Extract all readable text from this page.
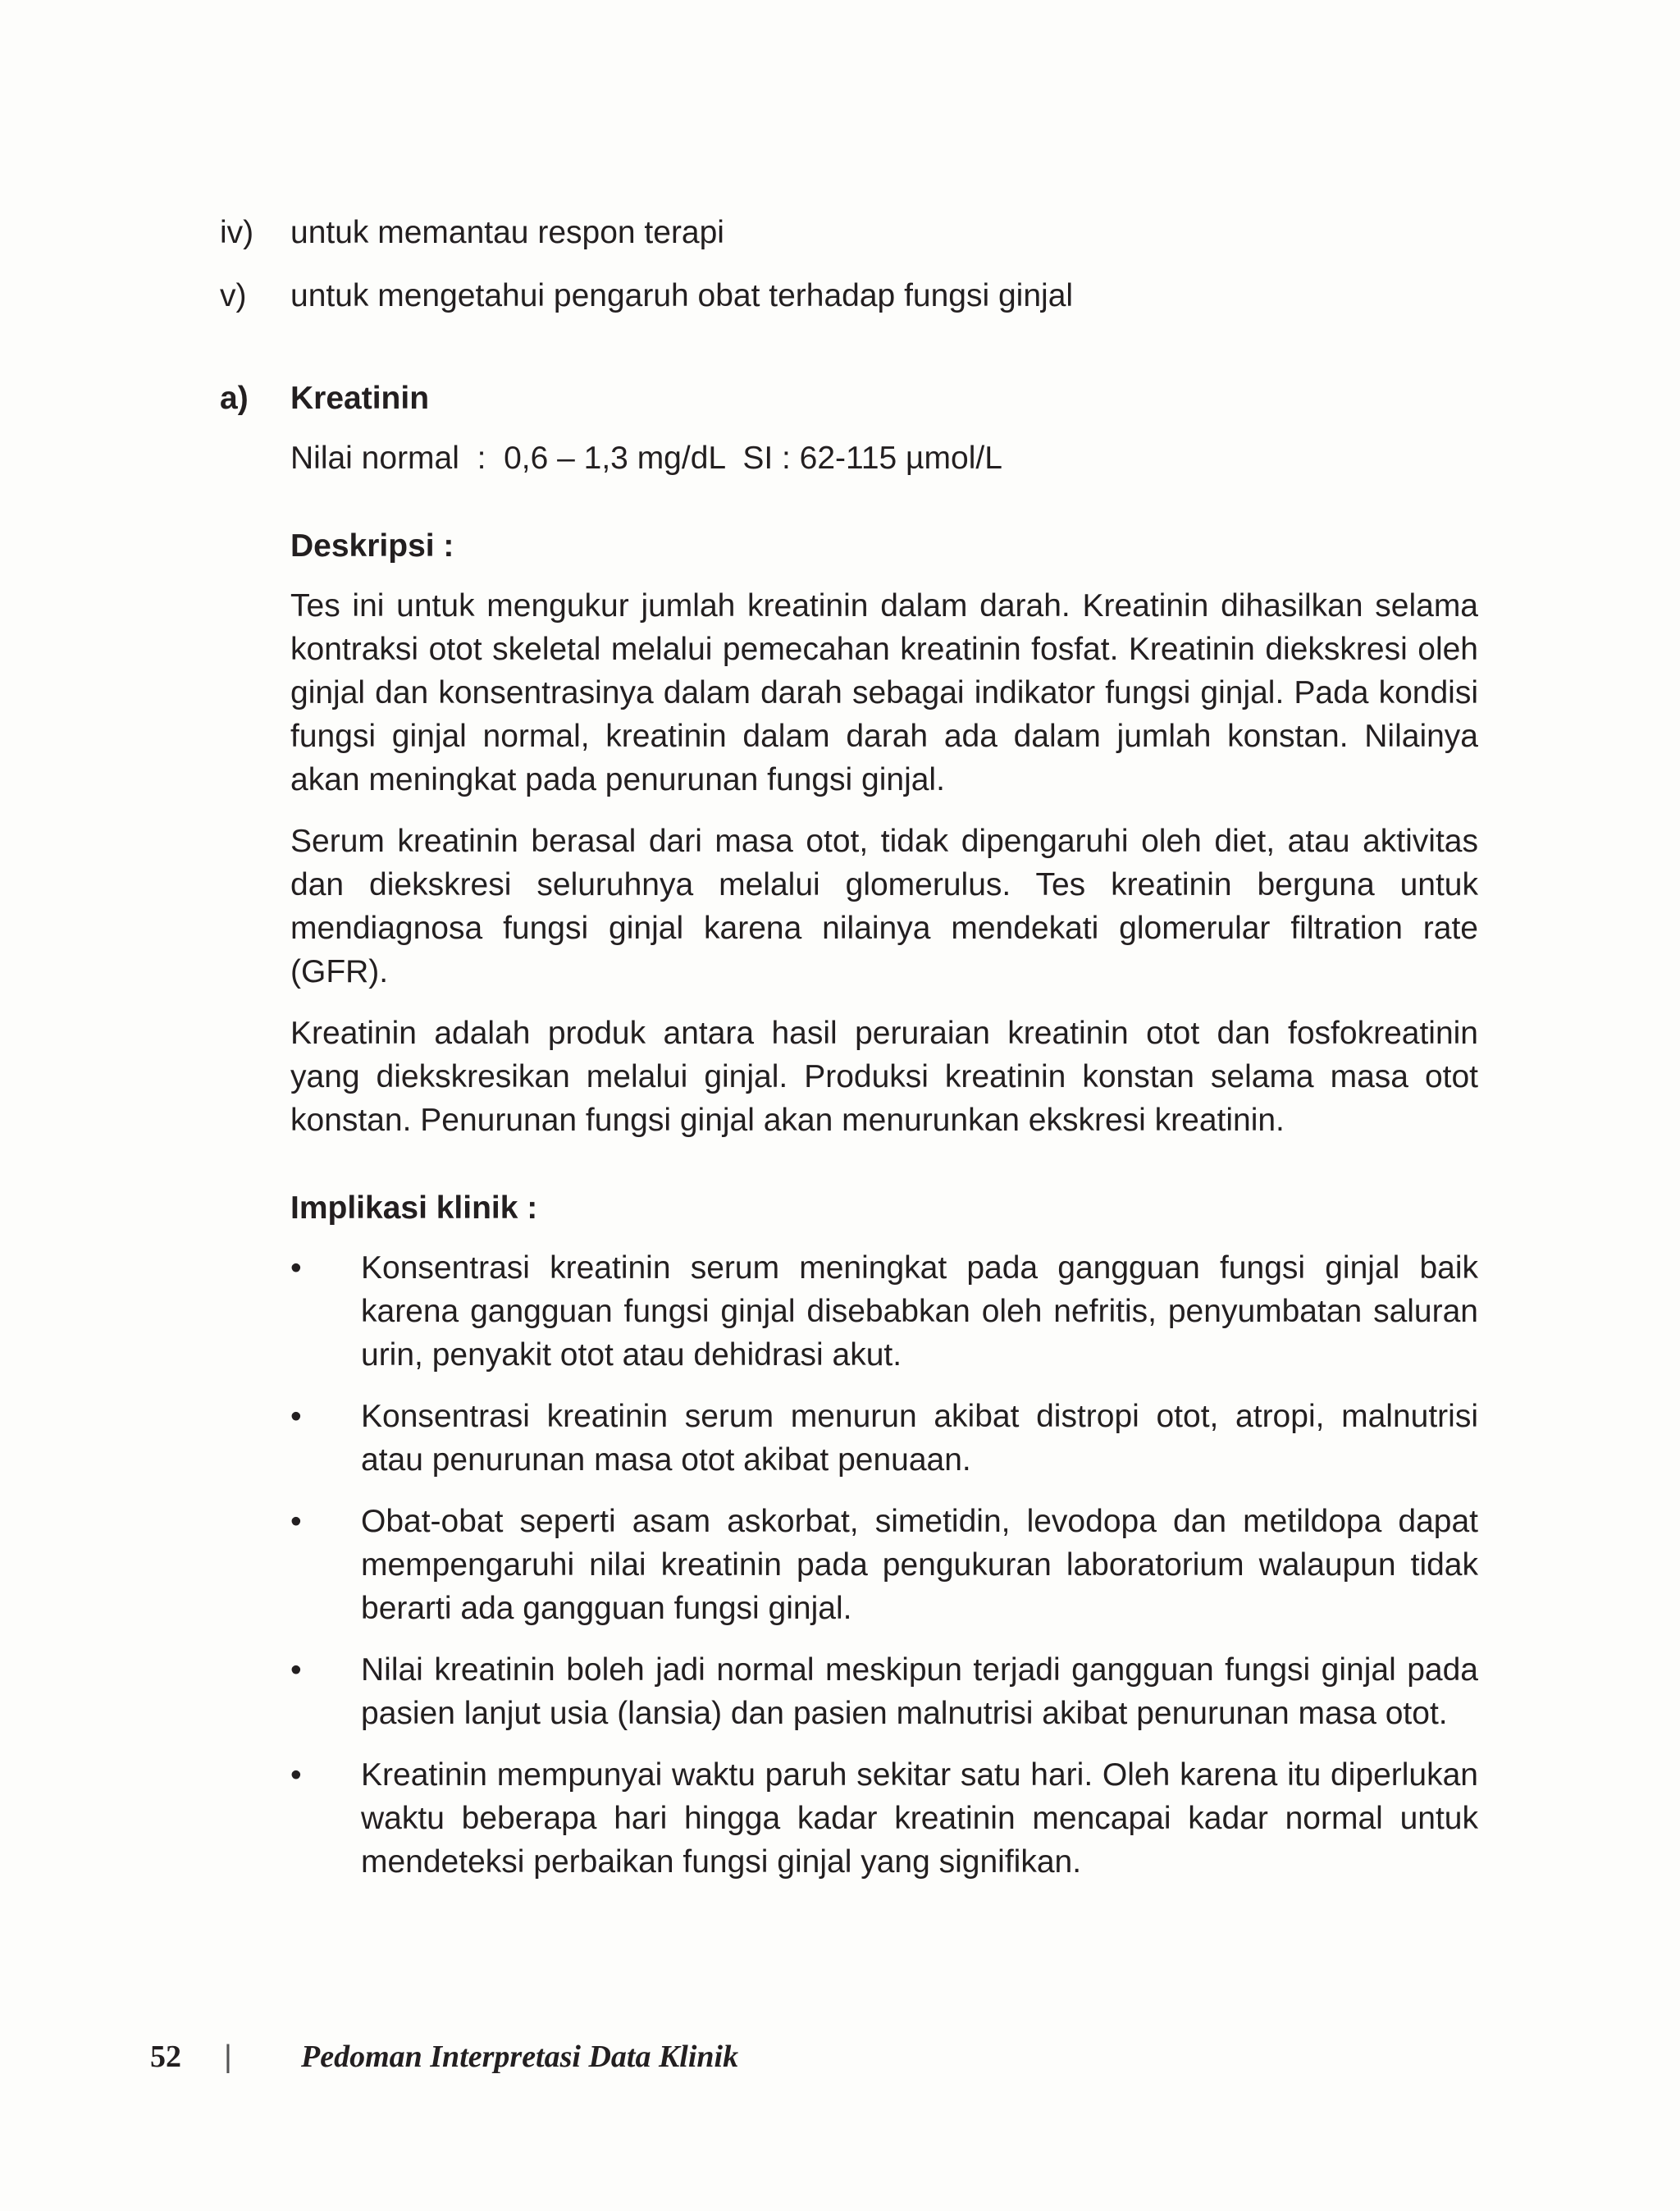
iv)	untuk memantau respon terapi
v)	untuk mengetahui pengaruh obat terhadap fungsi ginjal
a)	Kreatinin
Nilai normal  :  0,6 – 1,3 mg/dL  SI : 62-115 µmol/L
Deskripsi :

Tes ini untuk mengukur jumlah kreatinin dalam darah. Kreatinin dihasilkan selama kontraksi otot skeletal melalui pemecahan kreatinin fosfat. Kreatinin diekskresi oleh ginjal dan konsentrasinya dalam darah sebagai indikator fungsi ginjal. Pada kondisi fungsi ginjal normal, kreatinin dalam darah ada dalam jumlah konstan. Nilainya akan meningkat pada penurunan fungsi ginjal.

Serum kreatinin berasal dari masa otot, tidak dipengaruhi oleh diet, atau aktivitas dan diekskresi seluruhnya melalui glomerulus. Tes kreatinin berguna untuk mendiagnosa fungsi ginjal karena nilainya mendekati glomerular filtration rate (GFR).

Kreatinin adalah produk antara hasil peruraian kreatinin otot dan fosfokreatinin yang diekskresikan melalui ginjal. Produksi kreatinin konstan selama masa otot konstan. Penurunan fungsi ginjal akan menurunkan ekskresi kreatinin.

Implikasi klinik :
•	Konsentrasi kreatinin serum meningkat pada gangguan fungsi ginjal baik karena gangguan fungsi ginjal disebabkan oleh nefritis, penyumbatan saluran urin, penyakit otot atau dehidrasi akut.
•	Konsentrasi kreatinin serum menurun akibat distropi otot, atropi, malnutrisi atau penurunan masa otot akibat penuaan.
•	Obat-obat seperti asam askorbat, simetidin, levodopa dan metildopa dapat mempengaruhi nilai kreatinin pada pengukuran laboratorium walaupun tidak berarti ada gangguan fungsi ginjal.
•	Nilai kreatinin boleh jadi normal meskipun terjadi gangguan fungsi ginjal pada pasien lanjut usia (lansia) dan pasien malnutrisi akibat penurunan masa otot.
•	Kreatinin mempunyai waktu paruh sekitar satu hari. Oleh karena itu diperlukan waktu beberapa hari hingga kadar kreatinin mencapai kadar normal untuk mendeteksi perbaikan fungsi ginjal yang signifikan.
52	|	Pedoman Interpretasi Data Klinik
